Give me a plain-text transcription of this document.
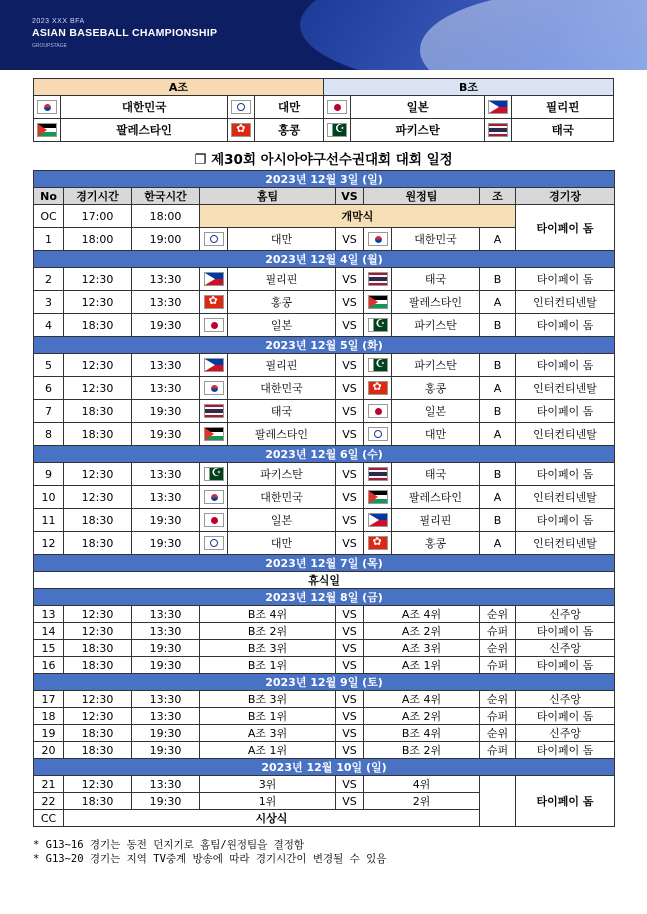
2023 XXX BFA
ASIAN BASEBALL CHAMPIONSHIP
GROUPSTAGE
A조				B조			
	대한민국		대만		일본		필리핀
	팔레스타인	✿	홍콩	☪	파키스탄		태국
❐ 제30회 아시아야구선수권대회 대회 일정
2023년 12월 3일 (일)									
No	경기시간	한국시간	홈팀		VS	원정팀		조	경기장
OC	17:00	18:00	개막식						타이페이 돔
1	18:00	19:00		대만	VS		대한민국	A	
2023년 12월 4일 (월)									
2	12:30	13:30		필리핀	VS		태국	B	타이페이 돔
3	12:30	13:30	✿	홍콩	VS		팔레스타인	A	인터컨티넨탈
4	18:30	19:30		일본	VS	☪	파키스탄	B	타이페이 돔
2023년 12월 5일 (화)									
5	12:30	13:30		필리핀	VS	☪	파키스탄	B	타이페이 돔
6	12:30	13:30		대한민국	VS	✿	홍콩	A	인터컨티넨탈
7	18:30	19:30		태국	VS		일본	B	타이페이 돔
8	18:30	19:30		팔레스타인	VS		대만	A	인터컨티넨탈
2023년 12월 6일 (수)									
9	12:30	13:30	☪	파키스탄	VS		태국	B	타이페이 돔
10	12:30	13:30		대한민국	VS		팔레스타인	A	인터컨티넨탈
11	18:30	19:30		일본	VS		필리핀	B	타이페이 돔
12	18:30	19:30		대만	VS	✿	홍콩	A	인터컨티넨탈
2023년 12월 7일 (목)									
휴식일									
2023년 12월 8일 (금)									
13	12:30	13:30	B조 4위		VS	A조 4위		순위	신주앙
14	12:30	13:30	B조 2위		VS	A조 2위		슈퍼	타이페이 돔
15	18:30	19:30	B조 3위		VS	A조 3위		순위	신주앙
16	18:30	19:30	B조 1위		VS	A조 1위		슈퍼	타이페이 돔
2023년 12월 9일 (토)									
17	12:30	13:30	B조 3위		VS	A조 4위		순위	신주앙
18	12:30	13:30	B조 1위		VS	A조 2위		슈퍼	타이페이 돔
19	18:30	19:30	A조 3위		VS	B조 4위		순위	신주앙
20	18:30	19:30	A조 1위		VS	B조 2위		슈퍼	타이페이 돔
2023년 12월 10일 (일)									
21	12:30	13:30	3위		VS	4위			타이페이 돔
22	18:30	19:30	1위		VS	2위			
CC	시상식								
* G13~16 경기는 동전 던지기로 홈팀/원정팀을 결정함
* G13~20 경기는 지역 TV중계 방송에 따라 경기시간이 변경될 수 있음
